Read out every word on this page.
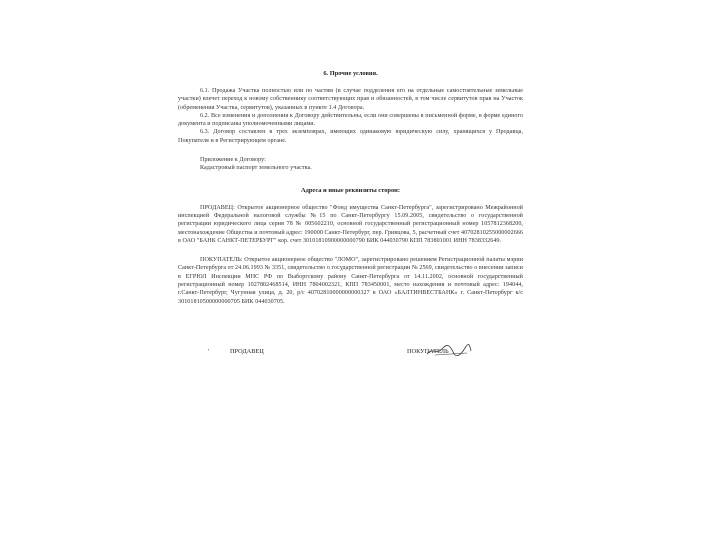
6. Прочие условия.

6.1. Продажа Участка полностью или по частям (в случае подделения его на отдельные самостоятельные земельные участки) влечет переход к новому собственнику соответствующих прав и обязанностей, в том числе сервитутов прав на Участок (обременения Участка, сервитутов), указанных в пункте 1.4 Договора.

6.2. Все изменения и дополнения к Договору действительны, если они совершены в письменной форме, в форме единого документа и подписаны уполномоченными лицами.

6.3. Договор составлен в трех экземплярах, имеющих одинаковую юридическую силу, хранящихся у Продавца, Покупателя и в Регистрирующем органе.

Приложение к Договору:

Кадастровый паспорт земельного участка.

Адреса и иные реквизиты сторон:

ПРОДАВЕЦ: Открытое акционерное общество "Фонд имущества Санкт-Петербурга", зарегистрировано Межрайонной инспекцией Федеральной налоговой службы №15 по Санкт-Петербургу 15.09.2005, свидетельство о государственной регистрации юридического лица серия 78 № 005602210, основной государственный регистрационный номер 1057812368200, местонахождение Общества и почтовый адрес: 190000 Санкт-Петербург, пер. Гривцова, 5, расчетный счет 40702810255000002666 в ОАО "БАНК САНКТ-ПЕТЕРБУРГ" кор. счет 30101810900000000790 БИК 044030790 КПП 783801001 ИНН 7838332649.

ПОКУПАТЕЛЬ: Открытое акционерное общество "ЛОМО", зарегистрировано решением Регистрационной палаты мэрии Санкт-Петербурга от 24.06.1993 № 3351, свидетельство о государственной регистрации № 2569, свидетельство о внесении записи в ЕГРЮЛ Инспекции МНС РФ по Выборгскому району Санкт-Петербурга от 14.11.2002, основной государственный регистрационный номер 1027802468514, ИНН 7804002321, КПП 783450001, место нахождения и почтовый адрес: 194044, г.Санкт-Петербург, Чугунная улица, д. 20, р/с 40702810000000000327 в ОАО «БАЛТИНВЕСТБАНК» г. Санкт-Петербург к/с 30101810500000000705 БИК 044030705.

'	ПРОДАВЕЦ	ПОКУПАТЕЛЬ
